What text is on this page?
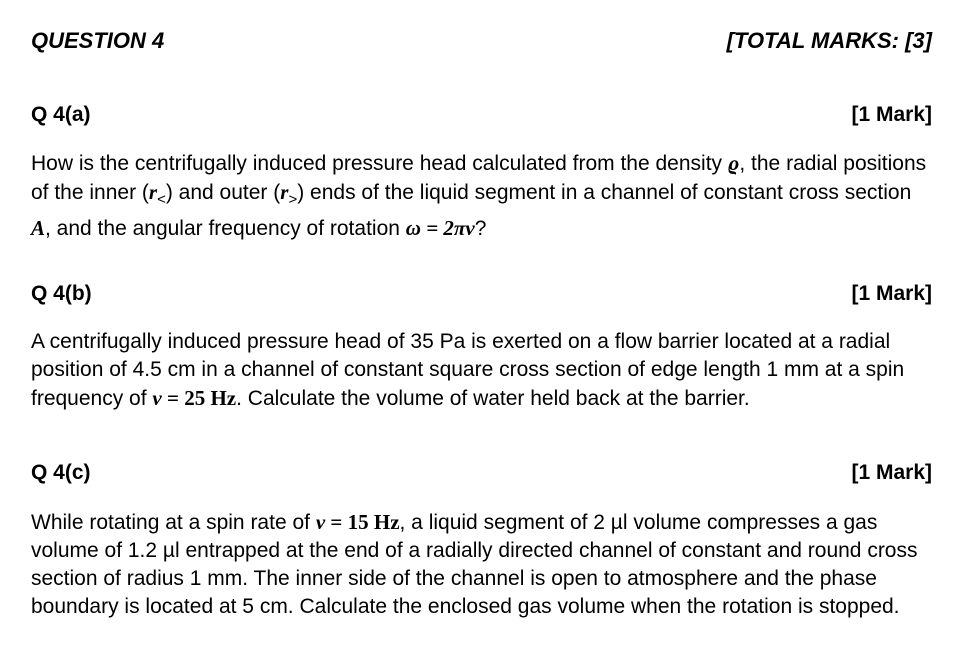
QUESTION 4	[TOTAL MARKS: [3]
Q 4(a)	[1 Mark]

How is the centrifugally induced pressure head calculated from the density ϱ, the radial positions of the inner $(r_<)$ and outer $(r_>)$ ends of the liquid segment in a channel of constant cross section A, and the angular frequency of rotation ω = 2πν?

Q 4(b)	[1 Mark]

A centrifugally induced pressure head of 35 Pa is exerted on a flow barrier located at a radial position of 4.5 cm in a channel of constant square cross section of edge length 1 mm at a spin frequency of ν = 25 Hz. Calculate the volume of water held back at the barrier.

Q 4(c)	[1 Mark]

While rotating at a spin rate of ν = 15 Hz, a liquid segment of 2 µl volume compresses a gas volume of 1.2 µl entrapped at the end of a radially directed channel of constant and round cross section of radius 1 mm. The inner side of the channel is open to atmosphere and the phase boundary is located at 5 cm. Calculate the enclosed gas volume when the rotation is stopped.
